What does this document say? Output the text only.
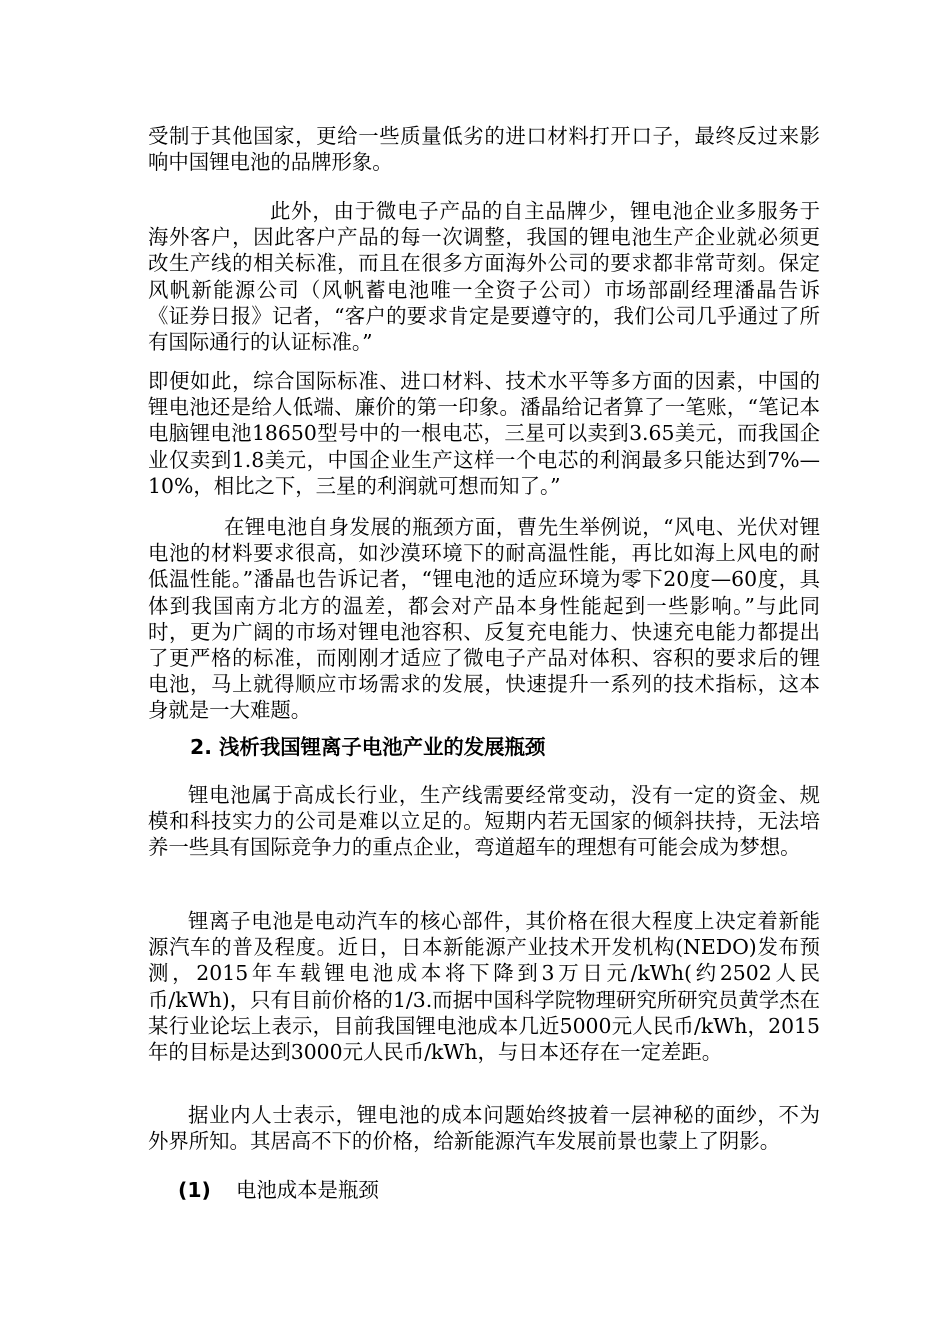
受制于其他国家，更给一些质量低劣的进口材料打开口子，最终反过来影响中国锂电池的品牌形象。

此外，由于微电子产品的自主品牌少，锂电池企业多服务于海外客户，因此客户产品的每一次调整，我国的锂电池生产企业就必须更改生产线的相关标准，而且在很多方面海外公司的要求都非常苛刻。保定风帆新能源公司（风帆蓄电池唯一全资子公司）市场部副经理潘晶告诉《证券日报》记者，“客户的要求肯定是要遵守的，我们公司几乎通过了所有国际通行的认证标准。”

即便如此，综合国际标准、进口材料、技术水平等多方面的因素，中国的锂电池还是给人低端、廉价的第一印象。潘晶给记者算了一笔账，“笔记本电脑锂电池18650型号中的一根电芯，三星可以卖到3.65美元，而我国企业仅卖到1.8美元，中国企业生产这样一个电芯的利润最多只能达到7%—10%，相比之下，三星的利润就可想而知了。”

在锂电池自身发展的瓶颈方面，曹先生举例说，“风电、光伏对锂电池的材料要求很高，如沙漠环境下的耐高温性能，再比如海上风电的耐低温性能。”潘晶也告诉记者，“锂电池的适应环境为零下20度—60度，具体到我国南方北方的温差，都会对产品本身性能起到一些影响。”与此同时，更为广阔的市场对锂电池容积、反复充电能力、快速充电能力都提出了更严格的标准，而刚刚才适应了微电子产品对体积、容积的要求后的锂电池，马上就得顺应市场需求的发展，快速提升一系列的技术指标，这本身就是一大难题。

2. 浅析我国锂离子电池产业的发展瓶颈

锂电池属于高成长行业，生产线需要经常变动，没有一定的资金、规模和科技实力的公司是难以立足的。短期内若无国家的倾斜扶持，无法培养一些具有国际竞争力的重点企业，弯道超车的理想有可能会成为梦想。

锂离子电池是电动汽车的核心部件，其价格在很大程度上决定着新能源汽车的普及程度。近日，日本新能源产业技术开发机构(NEDO)发布预测，2015年车载锂电池成本将下降到3万日元/kWh(约2502人民币/kWh)，只有目前价格的1/3.而据中国科学院物理研究所研究员黄学杰在某行业论坛上表示，目前我国锂电池成本几近5000元人民币/kWh，2015年的目标是达到3000元人民币/kWh，与日本还存在一定差距。

据业内人士表示，锂电池的成本问题始终披着一层神秘的面纱，不为外界所知。其居高不下的价格，给新能源汽车发展前景也蒙上了阴影。

(1) 电池成本是瓶颈
